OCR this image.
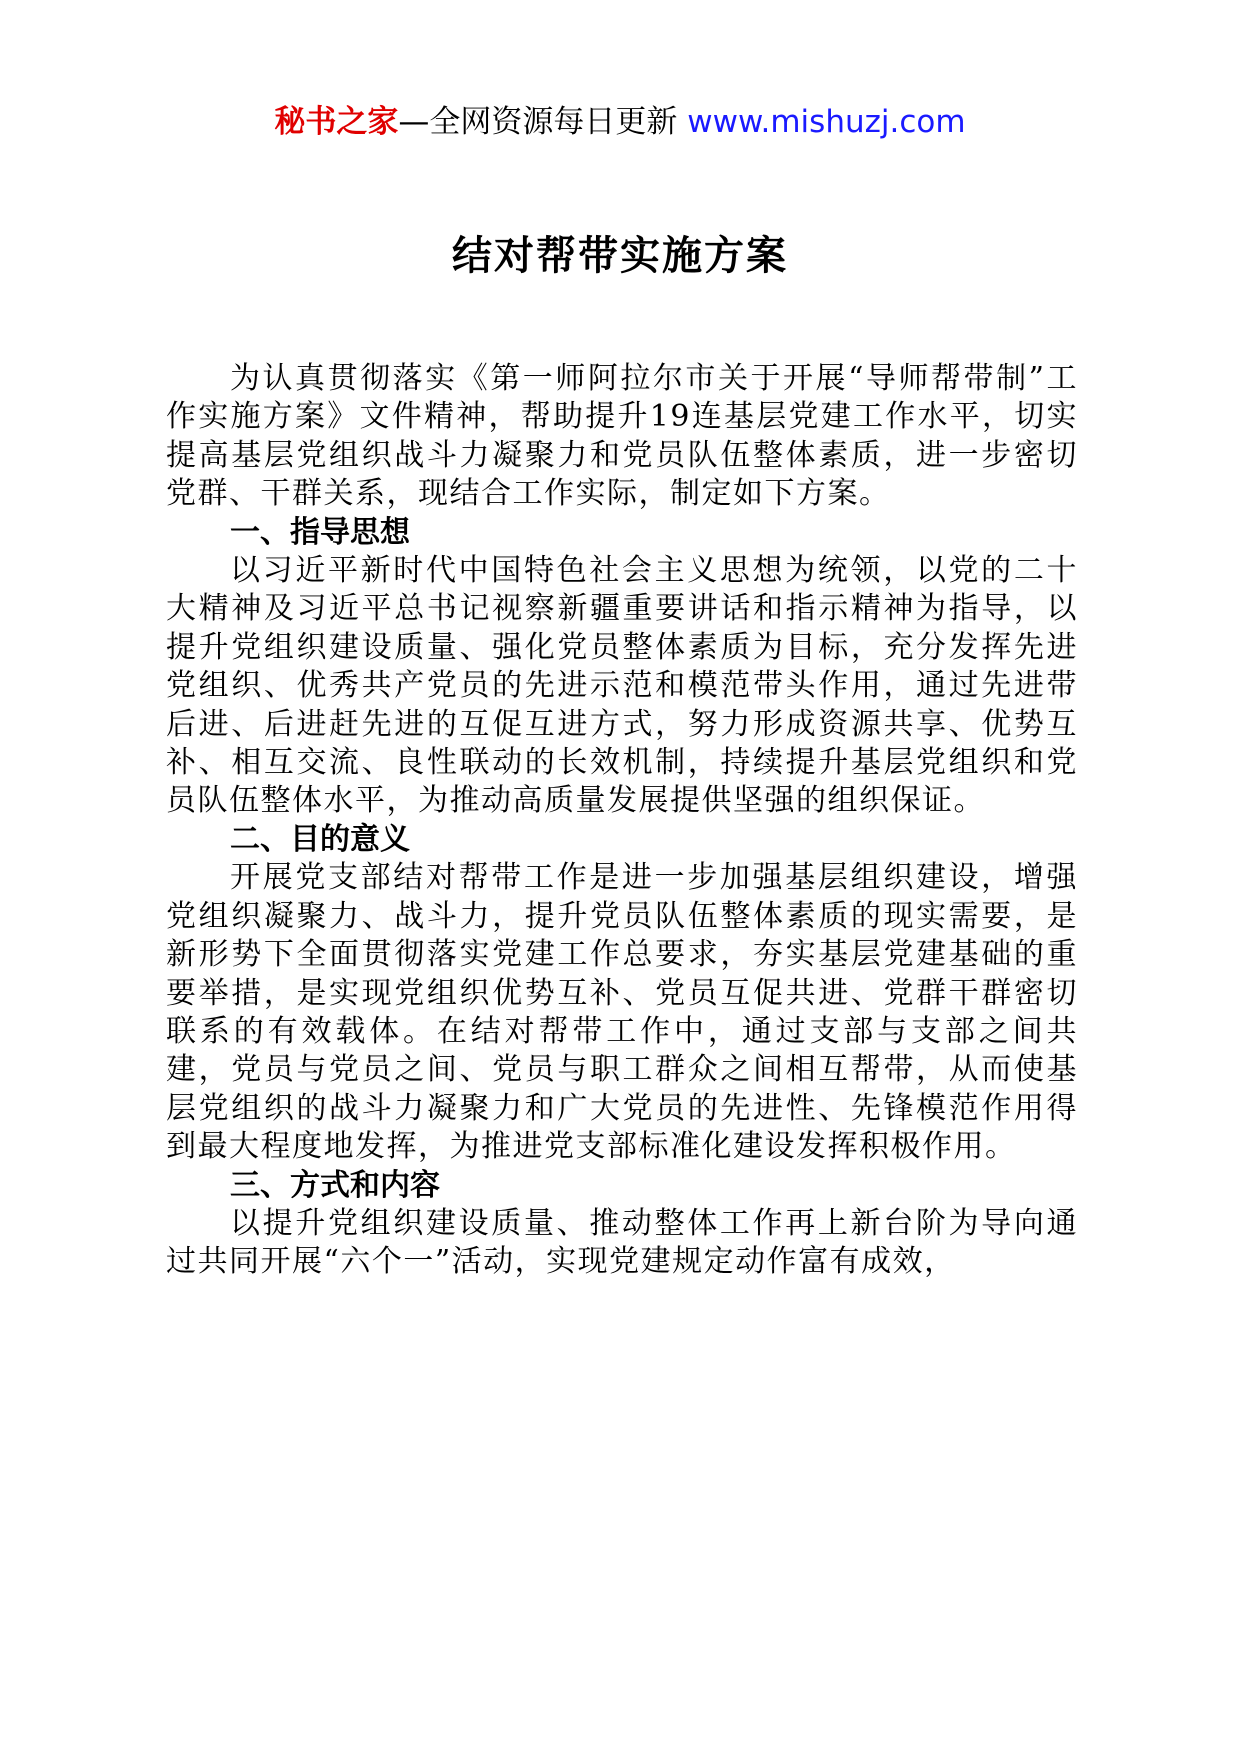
秘书之家—全网资源每日更新 www.mishuzj.com
结对帮带实施方案

为认真贯彻落实《第一师阿拉尔市关于开展“导师帮带制”工作实施方案》文件精神，帮助提升19连基层党建工作水平，切实提高基层党组织战斗力凝聚力和党员队伍整体素质，进一步密切党群、干群关系，现结合工作实际，制定如下方案。

一、指导思想

以习近平新时代中国特色社会主义思想为统领，以党的二十大精神及习近平总书记视察新疆重要讲话和指示精神为指导，以提升党组织建设质量、强化党员整体素质为目标，充分发挥先进党组织、优秀共产党员的先进示范和模范带头作用，通过先进带后进、后进赶先进的互促互进方式，努力形成资源共享、优势互补、相互交流、良性联动的长效机制，持续提升基层党组织和党员队伍整体水平，为推动高质量发展提供坚强的组织保证。

二、目的意义

开展党支部结对帮带工作是进一步加强基层组织建设，增强党组织凝聚力、战斗力，提升党员队伍整体素质的现实需要，是新形势下全面贯彻落实党建工作总要求，夯实基层党建基础的重要举措，是实现党组织优势互补、党员互促共进、党群干群密切联系的有效载体。在结对帮带工作中，通过支部与支部之间共建，党员与党员之间、党员与职工群众之间相互帮带，从而使基层党组织的战斗力凝聚力和广大党员的先进性、先锋模范作用得到最大程度地发挥，为推进党支部标准化建设发挥积极作用。

三、方式和内容

以提升党组织建设质量、推动整体工作再上新台阶为导向通过共同开展“六个一”活动，实现党建规定动作富有成效，
